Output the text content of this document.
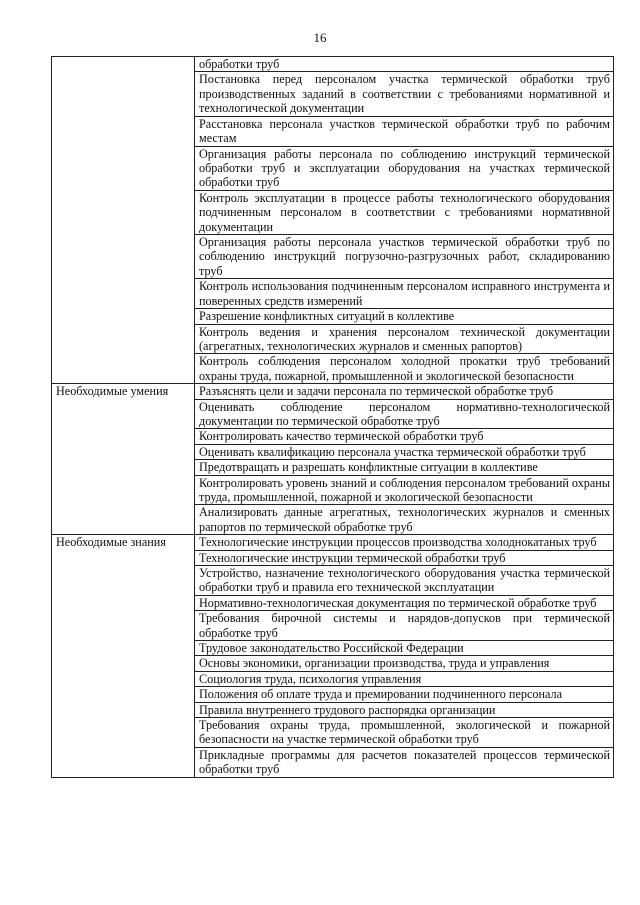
16
	обработки труб
	Постановка перед персоналом участка термической обработки труб производственных заданий в соответствии с требованиями нормативной и технологической документации
	Расстановка персонала участков термической обработки труб по рабочим местам
	Организация работы персонала по соблюдению инструкций термической обработки труб и эксплуатации оборудования на участках термической обработки труб
	Контроль эксплуатации в процессе работы технологического оборудования подчиненным персоналом в соответствии с требованиями нормативной документации
	Организация работы персонала участков термической обработки труб по соблюдению инструкций погрузочно-разгрузочных работ, складированию труб
	Контроль использования подчиненным персоналом исправного инструмента и поверенных средств измерений
	Разрешение конфликтных ситуаций в коллективе
	Контроль ведения и хранения персоналом технической документации (агрегатных, технологических журналов и сменных рапортов)
	Контроль соблюдения персоналом холодной прокатки труб требований охраны труда, пожарной, промышленной и экологической безопасности
Необходимые умения	Разъяснять цели и задачи персонала по термической обработке труб
	Оценивать соблюдение персоналом нормативно-технологической документации по термической обработке труб
	Контролировать качество термической обработки труб
	Оценивать квалификацию персонала участка термической обработки труб
	Предотвращать и разрешать конфликтные ситуации в коллективе
	Контролировать уровень знаний и соблюдения персоналом требований охраны труда, промышленной, пожарной и экологической безопасности
	Анализировать данные агрегатных, технологических журналов и сменных рапортов по термической обработке труб
Необходимые знания	Технологические инструкции процессов производства холоднокатаных труб
	Технологические инструкции термической обработки труб
	Устройство, назначение технологического оборудования участка термической обработки труб и правила его технической эксплуатации
	Нормативно-технологическая документация по термической обработке труб
	Требования бирочной системы и нарядов-допусков при термической обработке труб
	Трудовое законодательство Российской Федерации
	Основы экономики, организации производства, труда и управления
	Социология труда, психология управления
	Положения об оплате труда и премировании подчиненного персонала
	Правила внутреннего трудового распорядка организации
	Требования охраны труда, промышленной, экологической и пожарной безопасности на участке термической обработки труб
	Прикладные программы для расчетов показателей процессов термической обработки труб
